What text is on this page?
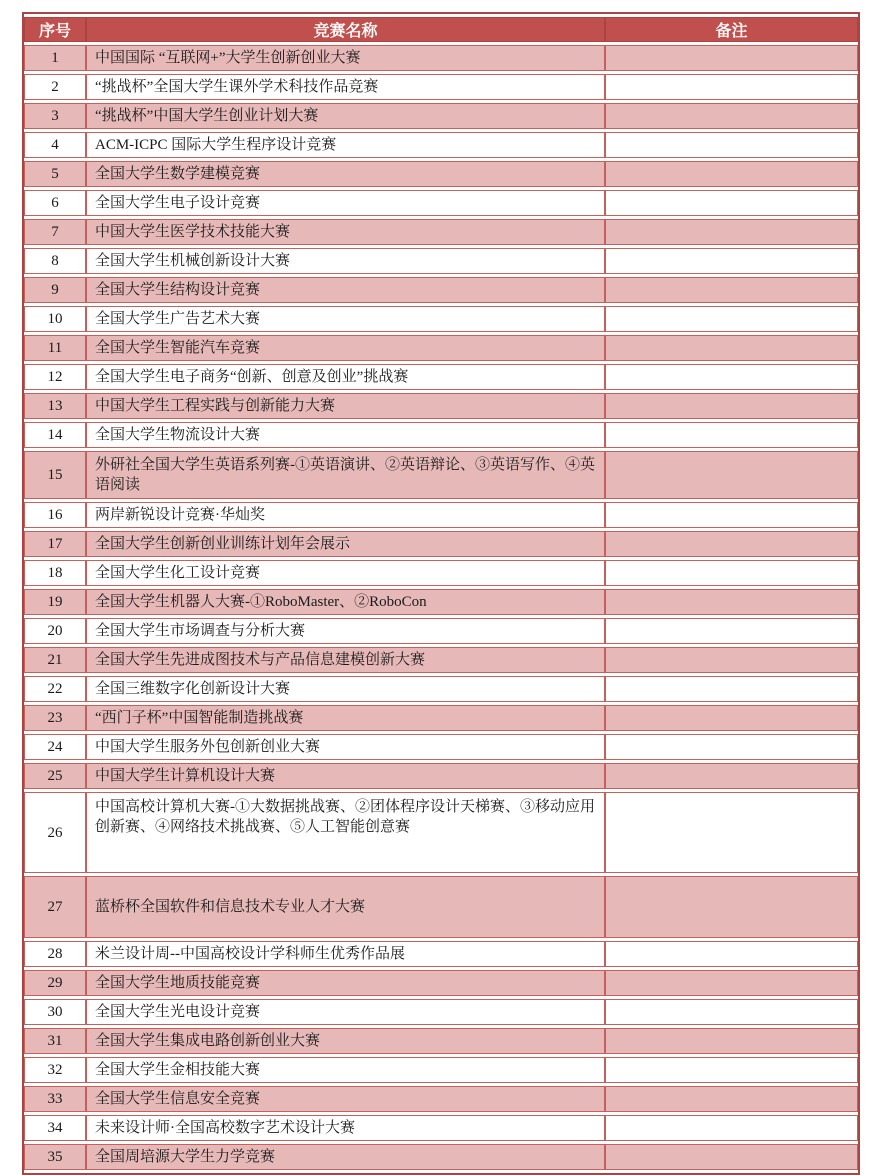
序号	竞赛名称	备注
1	中国国际 “互联网+”大学生创新创业大赛	
2	“挑战杯”全国大学生课外学术科技作品竞赛	
3	“挑战杯”中国大学生创业计划大赛	
4	ACM-ICPC 国际大学生程序设计竞赛	
5	全国大学生数学建模竞赛	
6	全国大学生电子设计竞赛	
7	中国大学生医学技术技能大赛	
8	全国大学生机械创新设计大赛	
9	全国大学生结构设计竞赛	
10	全国大学生广告艺术大赛	
11	全国大学生智能汽车竞赛	
12	全国大学生电子商务“创新、创意及创业”挑战赛	
13	中国大学生工程实践与创新能力大赛	
14	全国大学生物流设计大赛	
15	外研社全国大学生英语系列赛-①英语演讲、②英语辩论、③英语写作、④英语阅读	
16	两岸新锐设计竞赛·华灿奖	
17	全国大学生创新创业训练计划年会展示	
18	全国大学生化工设计竞赛	
19	全国大学生机器人大赛-①RoboMaster、②RoboCon	
20	全国大学生市场调查与分析大赛	
21	全国大学生先进成图技术与产品信息建模创新大赛	
22	全国三维数字化创新设计大赛	
23	“西门子杯”中国智能制造挑战赛	
24	中国大学生服务外包创新创业大赛	
25	中国大学生计算机设计大赛	
26	中国高校计算机大赛-①大数据挑战赛、②团体程序设计天梯赛、③移动应用创新赛、④网络技术挑战赛、⑤人工智能创意赛	
27	蓝桥杯全国软件和信息技术专业人才大赛	
28	米兰设计周--中国高校设计学科师生优秀作品展	
29	全国大学生地质技能竞赛	
30	全国大学生光电设计竞赛	
31	全国大学生集成电路创新创业大赛	
32	全国大学生金相技能大赛	
33	全国大学生信息安全竞赛	
34	未来设计师·全国高校数字艺术设计大赛	
35	全国周培源大学生力学竞赛	
